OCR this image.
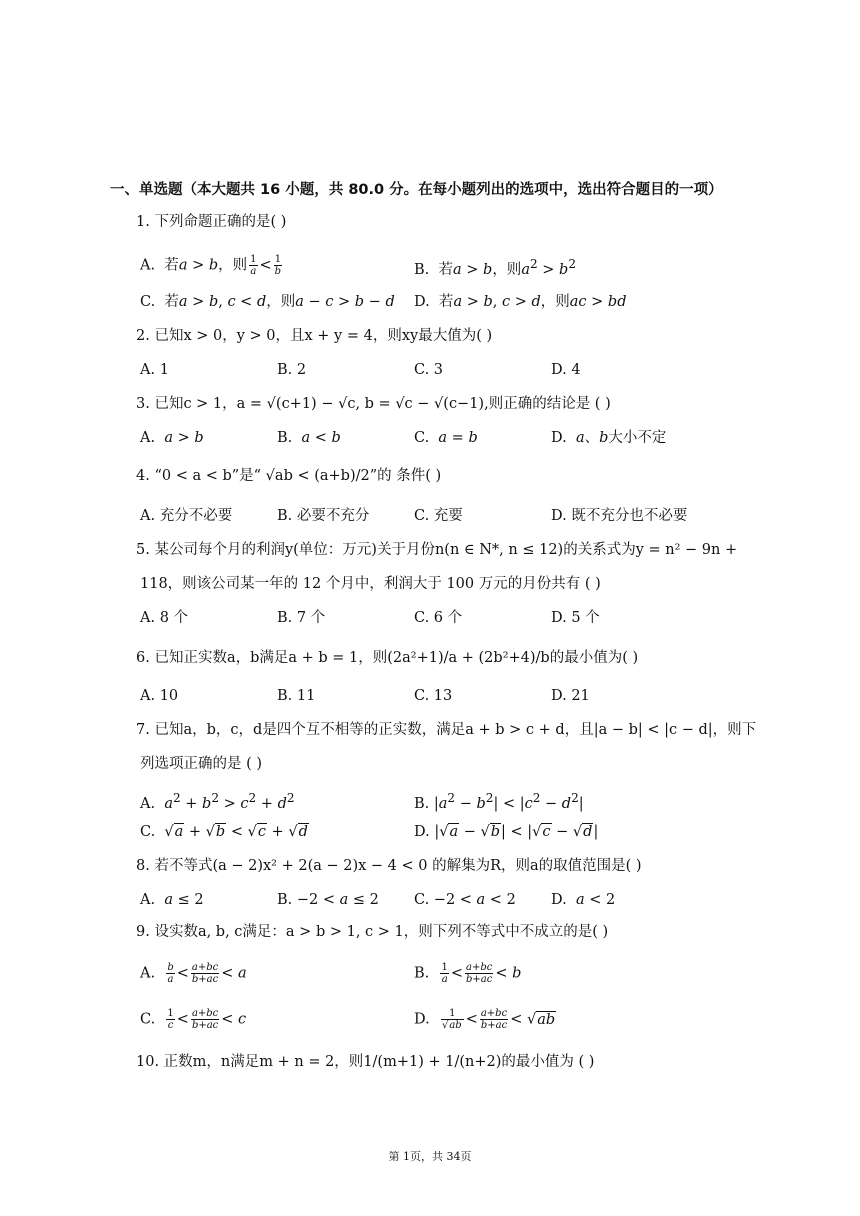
一、单选题（本大题共 16 小题，共 80.0 分。在每小题列出的选项中，选出符合题目的一项）
1. 下列命题正确的是( )
A.  若a > b，则 $\frac{1}{a} < \frac{1}{b}$	B.  若a > b，则$a^2 > b^2$
C.  若a > b, c < d，则a − c > b − d D.  若a > b, c > d，则ac > bd
2. 已知x > 0，y > 0，且x + y = 4，则xy最大值为( )
A. 1	B. 2	C. 3	D. 4
3. 已知c > 1，a = √(c+1) − √c, b = √c − √(c−1),则正确的结论是 ( )
A.  a > b	B.  a < b	C.  a = b	D.  a、b大小不定
4. “0 < a < b”是“ √ab < (a+b)/2”的 条件( )
A. 充分不必要	B. 必要不充分	C. 充要	D. 既不充分也不必要
5. 某公司每个月的利润y(单位：万元)关于月份n(n ∈ N*, n ≤ 12)的关系式为y = n² − 9n +
118，则该公司某一年的 12 个月中，利润大于 100 万元的月份共有 ( )
A. 8 个	B. 7 个	C. 6 个	D. 5 个
6. 已知正实数a，b满足a + b = 1，则(2a²+1)/a + (2b²+4)/b的最小值为( )
A. 10	B. 11	C. 13	D. 21
7. 已知a，b，c，d是四个互不相等的正实数，满足a + b > c + d，且|a − b| < |c − d|，则下
列选项正确的是 ( )
A.  $a^2 + b^2 > c^2 + d^2$	B. $|a^2 - b^2| < |c^2 - d^2|$
C.  √a + √b < √c + √d	D. |√a − √b| < |√c − √d|
8. 若不等式(a − 2)x² + 2(a − 2)x − 4 < 0 的解集为R，则a的取值范围是( )
A.  a ≤ 2	B. −2 < a ≤ 2 C. −2 < a < 2 D.  a < 2
9. 设实数a, b, c满足：a > b > 1, c > 1，则下列不等式中不成立的是( )
A. $\frac{b}{a} < \frac{a+bc}{b+ac} < a$	B. $\frac{1}{a} < \frac{a+bc}{b+ac} < b$
C. $\frac{1}{c} < \frac{a+bc}{b+ac} < c$	D. $\frac{1}{√ab} < \frac{a+bc}{b+ac} < √ab$
10. 正数m，n满足m + n = 2，则1/(m+1) + 1/(n+2)的最小值为 ( )
第 1页，共 34页
